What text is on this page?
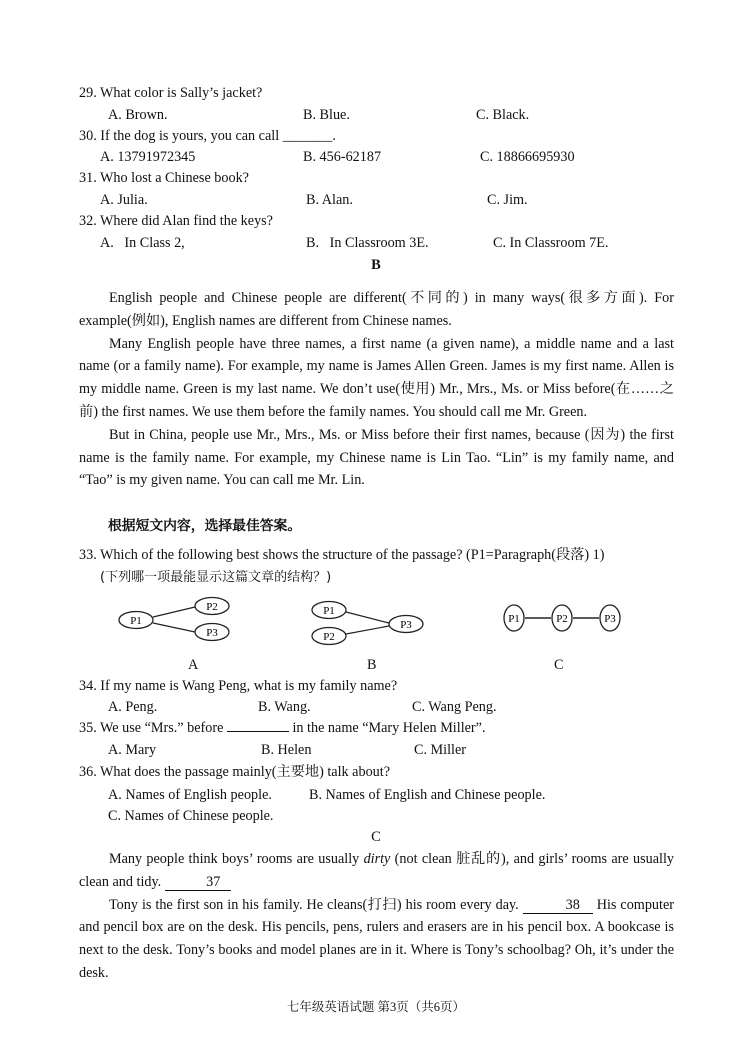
29. What color is Sally’s jacket?
A. Brown.	B. Blue.	C. Black.
30. If the dog is yours, you can call _______.
A. 13791972345	B. 456-62187	C. 18866695930
31. Who lost a Chinese book?
A. Julia.	B. Alan.	C. Jim.
32. Where did Alan find the keys?
A.   In Class 2,	B.   In Classroom 3E.	C. In Classroom 7E.
B

English people and Chinese people are different(不同的) in many ways(很多方面). For example(例如), English names are different from Chinese names.

Many English people have three names, a first name (a given name), a middle name and a last name (or a family name). For example, my name is James Allen Green. James is my first name. Allen is my middle name. Green is my last name. We don’t use(使用) Mr., Mrs., Ms. or Miss before(在……之前) the first names. We use them before the family names. You should call me Mr. Green.

But in China, people use Mr., Mrs., Ms. or Miss before their first names, because (因为) the first name is the family name. For example, my Chinese name is Lin Tao. “Lin” is my family name, and “Tao” is my given name. You can call me Mr. Lin.

根据短文内容，选择最佳答案。
33. Which of the following best shows the structure of the passage? (P1=Paragraph(段落) 1)
(下列哪一项最能显示这篇文章的结构？)
P1
P2
P3
P1
P2
P3	P1	P2	P3
A	B	C
34. If my name is Wang Peng, what is my family name?
A. Peng.	B. Wang.	C. Wang Peng.
35. We use “Mrs.” before	in the name “Mary Helen Miller”.
A. Mary	B. Helen	C. Miller
36. What does the passage mainly(主要地) talk about?
A. Names of English people.	B. Names of English and Chinese people.
C. Names of Chinese people.
C

Many people think boys’ rooms are usually dirty (not clean 脏乱的), and girls’ rooms are usually clean and tidy.	37

Tony is the first son in his family. He cleans(打扫) his room every day.	38 His computer and pencil box are on the desk. His pencils, pens, rulers and erasers are in his pencil box. A bookcase is next to the desk. Tony’s books and model planes are in it. Where is Tony’s schoolbag? Oh, it’s under the desk.

七年级英语试题 第3页（共6页）
